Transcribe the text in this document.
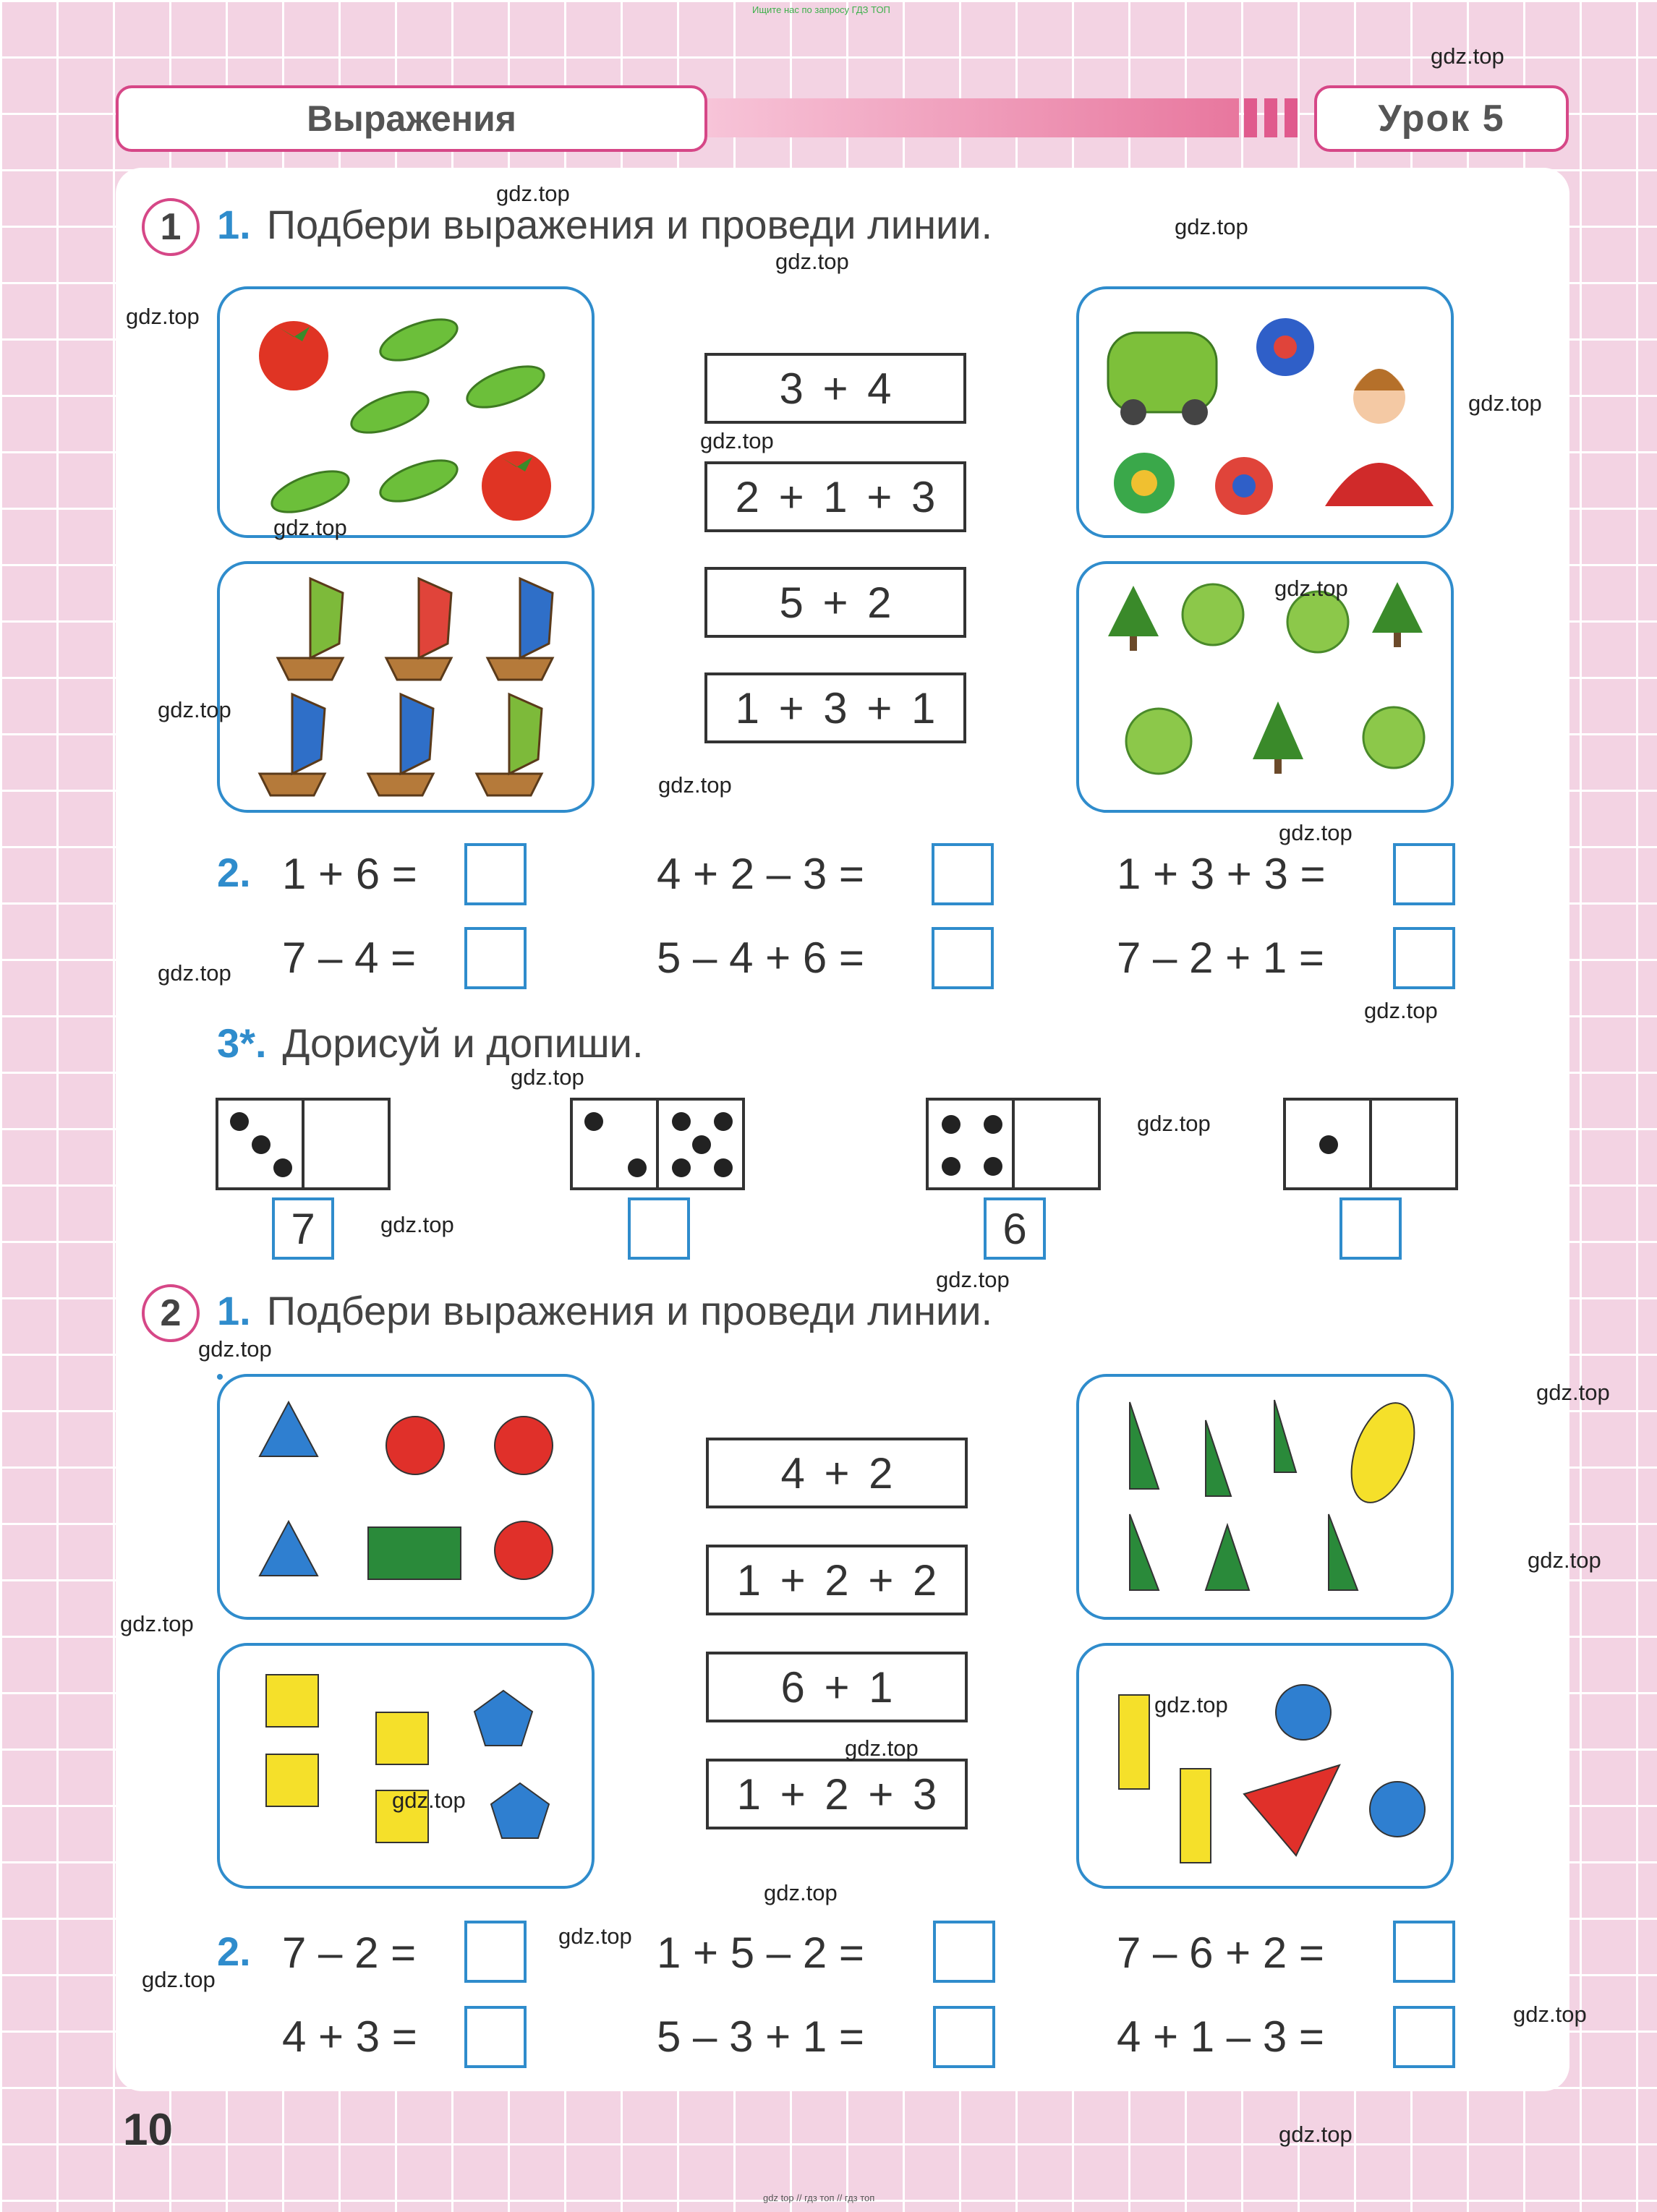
Ищите нас по запросу ГДЗ ТОП
Выражения	Урок 5
1 1. Подбери выражения и проведи линии.
3 + 4
2 + 1 + 3
5 + 2
1 + 3 + 1
2. 1 + 6 =	4 + 2 – 3 =	1 + 3 + 3 =
7 – 4 =	5 – 4 + 6 =	7 – 2 + 1 =
3*. Дорисуй и допиши.
7	6
2 1. Подбери выражения и проведи линии.
4 + 2
1 + 2 + 2
6 + 1
1 + 2 + 3
2. 7 – 2 =	1 + 5 – 2 =	7 – 6 + 2 =
4 + 3 =	5 – 3 + 1 =	4 + 1 – 3 =
10
gdz top // гдз топ // гдз топ
gdz.top
gdz.top
gdz.top
gdz.top
gdz.top
gdz.top
gdz.top
gdz.top
gdz.top
gdz.top
gdz.top
gdz.top
gdz.top
gdz.top
gdz.top
gdz.top
gdz.top
gdz.top
gdz.top
gdz.top
gdz.top
gdz.top
gdz.top
gdz.top
gdz.top
gdz.top
gdz.top
gdz.top
gdz.top
gdz.top
